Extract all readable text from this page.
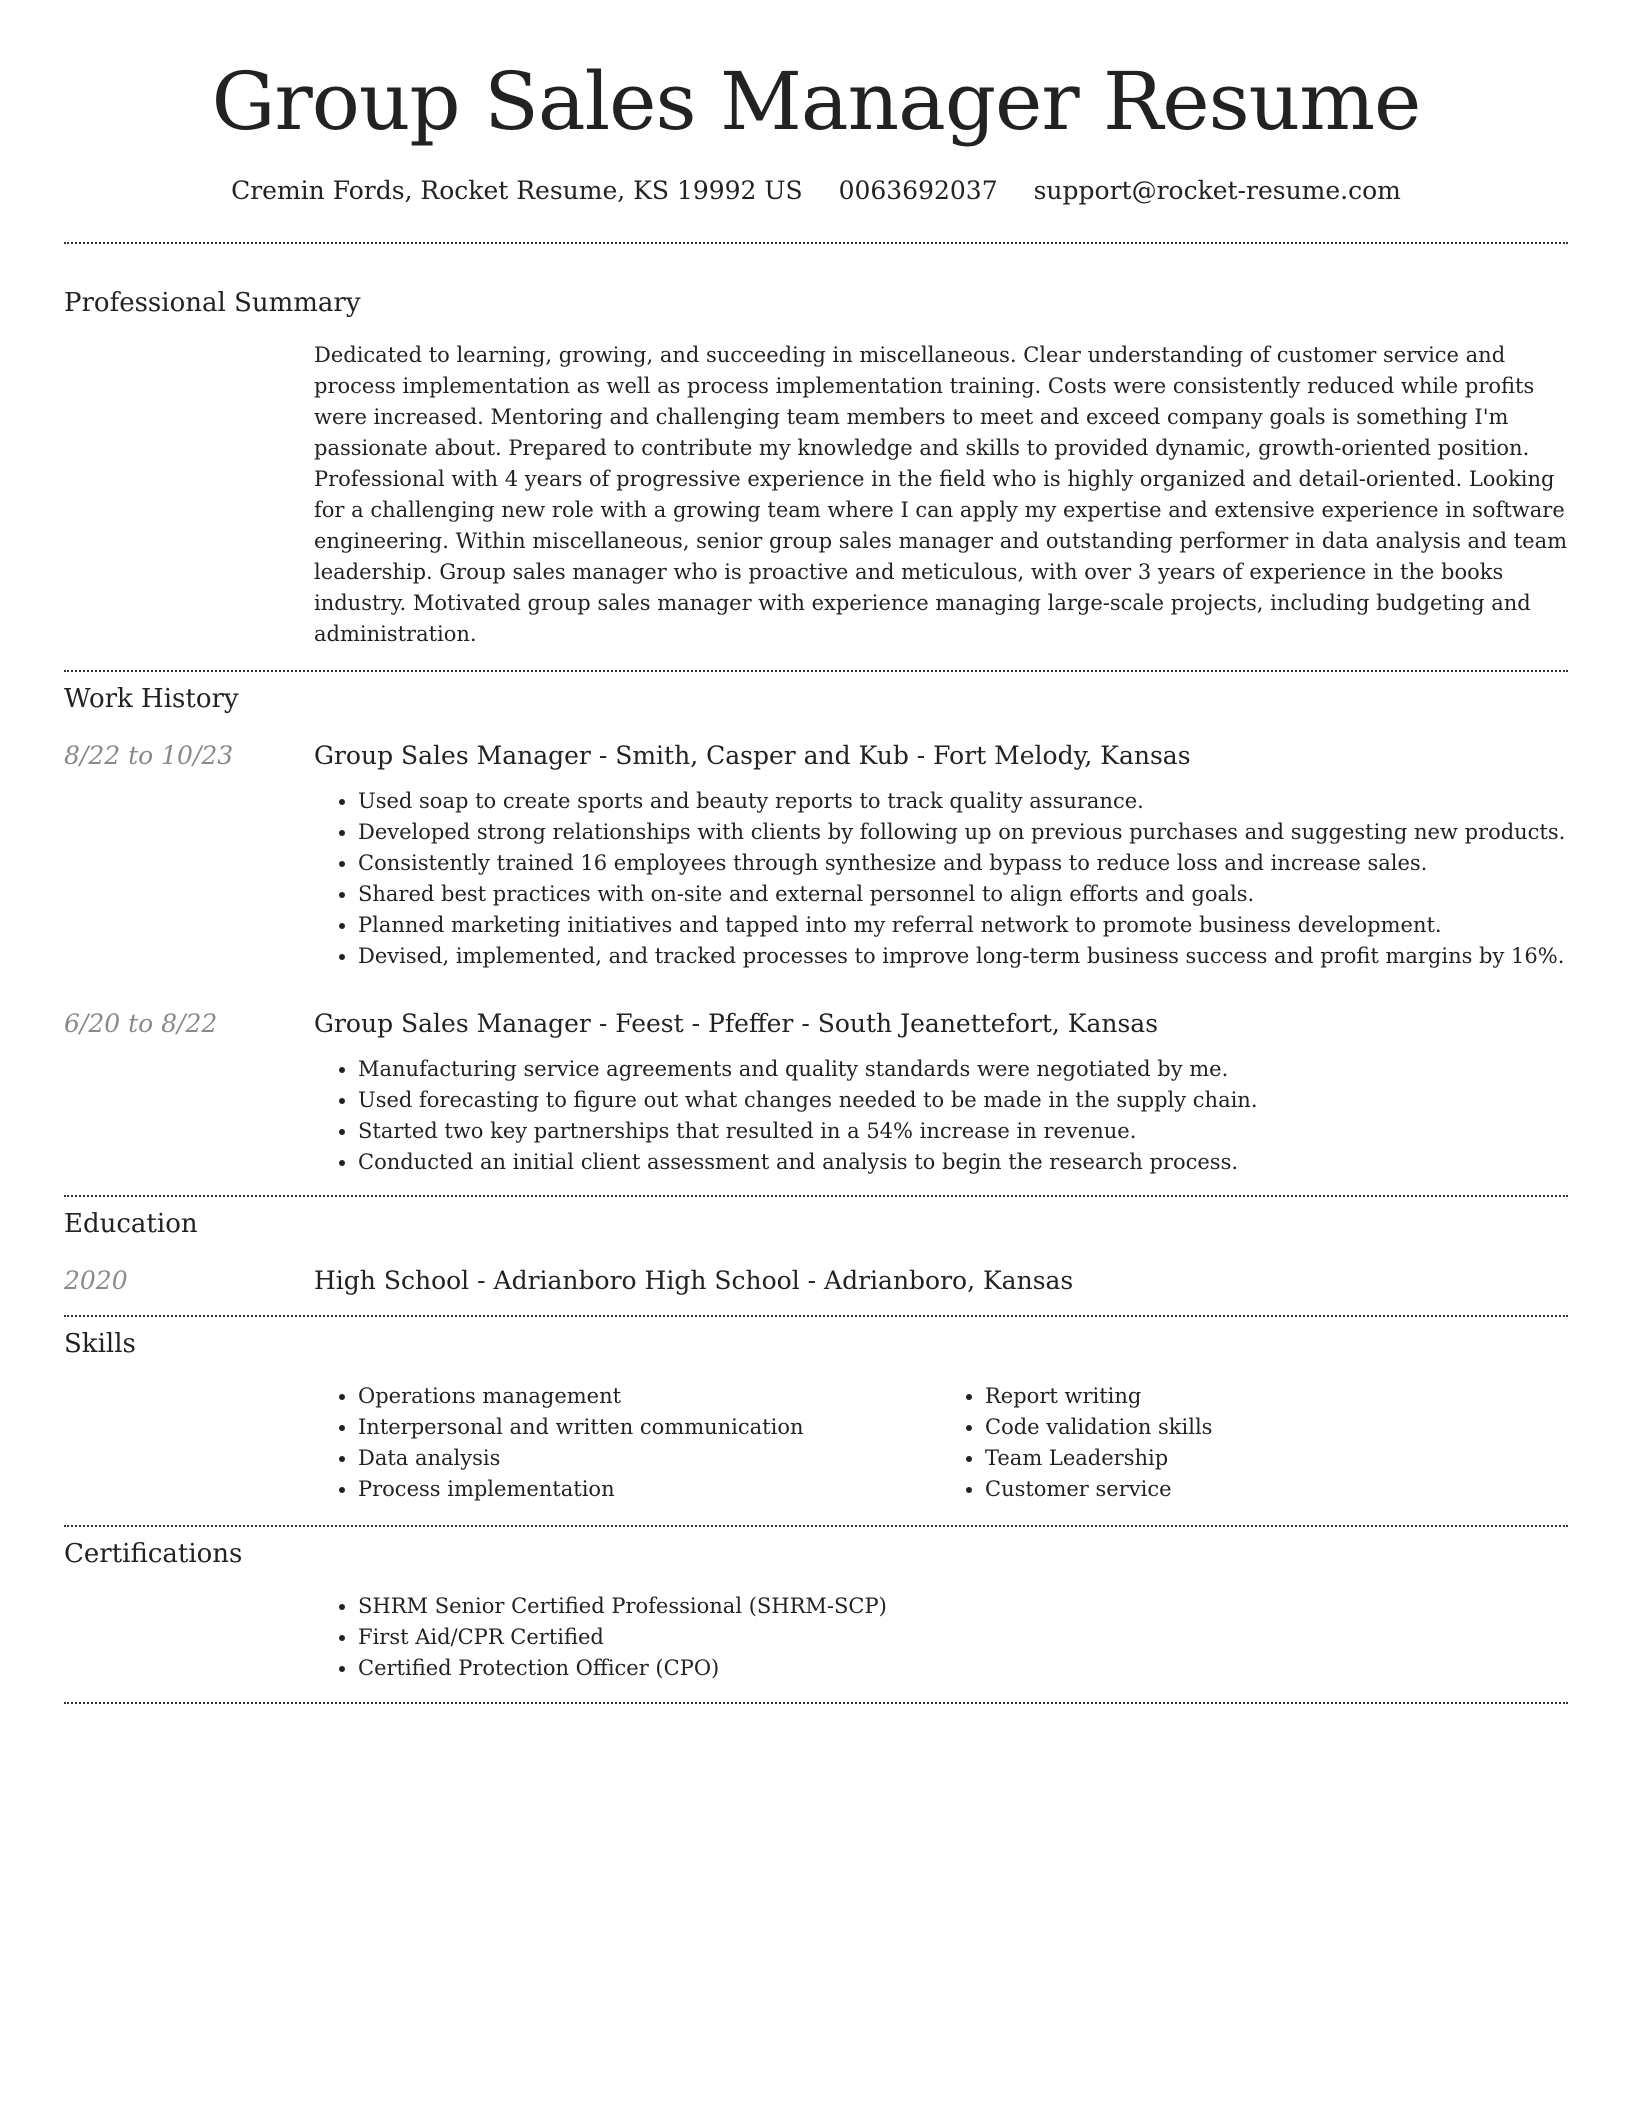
Group Sales Manager Resume
Cremin Fords, Rocket Resume, KS 19992 US 0063692037 support@rocket-resume.com
Professional Summary

Dedicated to learning, growing, and succeeding in miscellaneous. Clear understanding of customer service and process implementation as well as process implementation training. Costs were consistently reduced while profits were increased. Mentoring and challenging team members to meet and exceed company goals is something I'm passionate about. Prepared to contribute my knowledge and skills to provided dynamic, growth-oriented position. Professional with 4 years of progressive experience in the field who is highly organized and detail-oriented. Looking for a challenging new role with a growing team where I can apply my expertise and extensive experience in software engineering. Within miscellaneous, senior group sales manager and outstanding performer in data analysis and team leadership. Group sales manager who is proactive and meticulous, with over 3 years of experience in the books industry. Motivated group sales manager with experience managing large-scale projects, including budgeting and administration.

Work History
8/22 to 10/23	Group Sales Manager - Smith, Casper and Kub - Fort Melody, Kansas

• Used soap to create sports and beauty reports to track quality assurance.
• Developed strong relationships with clients by following up on previous purchases and suggesting new products.
• Consistently trained 16 employees through synthesize and bypass to reduce loss and increase sales.
• Shared best practices with on-site and external personnel to align efforts and goals.
• Planned marketing initiatives and tapped into my referral network to promote business development.
• Devised, implemented, and tracked processes to improve long-term business success and profit margins by 16%.
6/20 to 8/22	Group Sales Manager - Feest - Pfeffer - South Jeanettefort, Kansas

• Manufacturing service agreements and quality standards were negotiated by me.
• Used forecasting to figure out what changes needed to be made in the supply chain.
• Started two key partnerships that resulted in a 54% increase in revenue.
• Conducted an initial client assessment and analysis to begin the research process.
Education
2020	High School - Adrianboro High School - Adrianboro, Kansas

Skills
• Operations management
• Interpersonal and written communication
• Data analysis
• Process implementation
• Report writing
• Code validation skills
• Team Leadership
• Customer service
Certifications
• SHRM Senior Certified Professional (SHRM-SCP)
• First Aid/CPR Certified
• Certified Protection Officer (CPO)
